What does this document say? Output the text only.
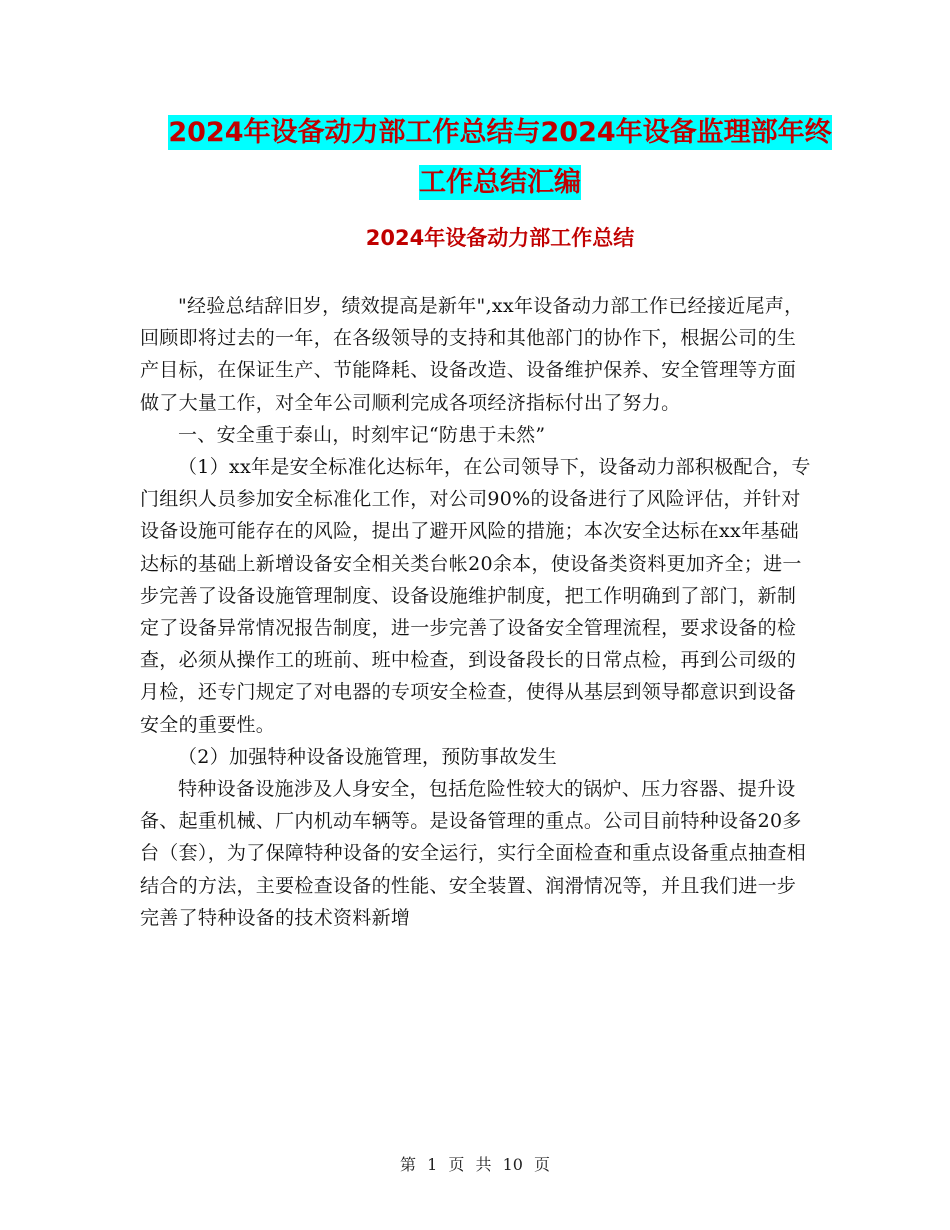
2024年设备动力部工作总结与2024年设备监理部年终
工作总结汇编
2024年设备动力部工作总结

"经验总结辞旧岁，绩效提高是新年",xx年设备动力部工作已经接近尾声，回顾即将过去的一年，在各级领导的支持和其他部门的协作下，根据公司的生产目标，在保证生产、节能降耗、设备改造、设备维护保养、安全管理等方面做了大量工作，对全年公司顺利完成各项经济指标付出了努力。

一、安全重于泰山，时刻牢记“防患于未然”

（1）xx年是安全标准化达标年，在公司领导下，设备动力部积极配合，专门组织人员参加安全标准化工作，对公司90%的设备进行了风险评估，并针对设备设施可能存在的风险，提出了避开风险的措施；本次安全达标在xx年基础达标的基础上新增设备安全相关类台帐20余本，使设备类资料更加齐全；进一步完善了设备设施管理制度、设备设施维护制度，把工作明确到了部门，新制定了设备异常情况报告制度，进一步完善了设备安全管理流程，要求设备的检查，必须从操作工的班前、班中检查，到设备段长的日常点检，再到公司级的月检，还专门规定了对电器的专项安全检查，使得从基层到领导都意识到设备安全的重要性。

（2）加强特种设备设施管理，预防事故发生

特种设备设施涉及人身安全，包括危险性较大的锅炉、压力容器、提升设备、起重机械、厂内机动车辆等。是设备管理的重点。公司目前特种设备20多台（套），为了保障特种设备的安全运行，实行全面检查和重点设备重点抽查相结合的方法，主要检查设备的性能、安全装置、润滑情况等，并且我们进一步完善了特种设备的技术资料新增

第 1 页 共 10 页
